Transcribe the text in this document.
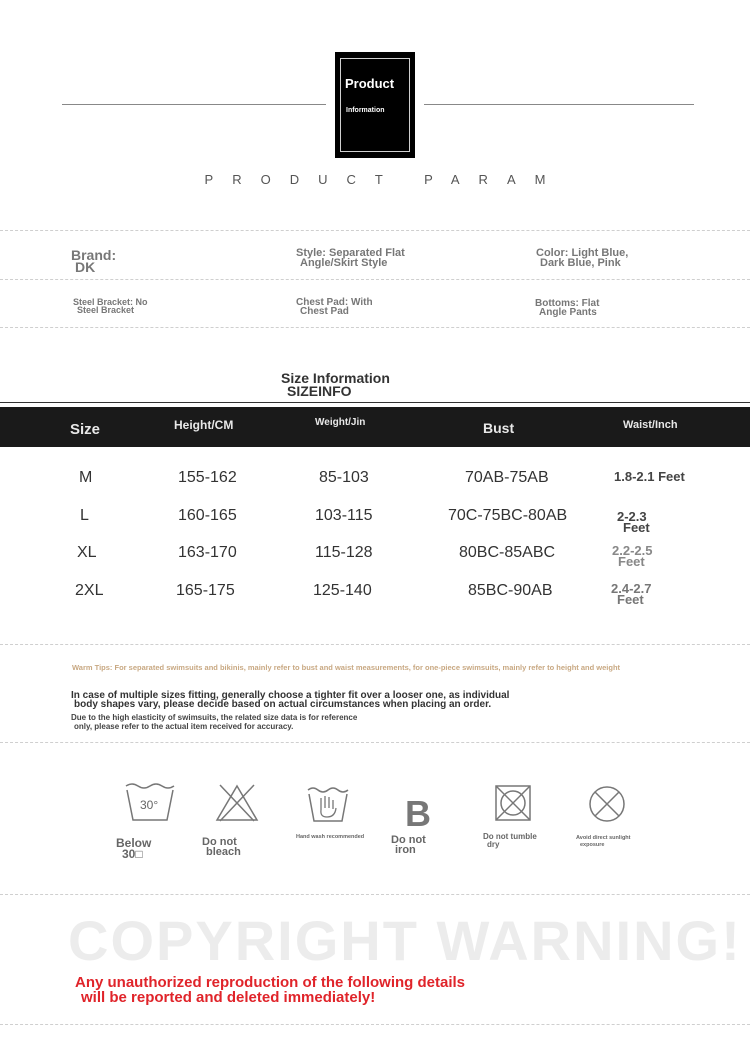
Product
Information
PRODUCT PARAM
Brand:
DK
Style: Separated Flat
Angle/Skirt Style
Color: Light Blue,
Dark Blue, Pink
Steel Bracket: No
Steel Bracket
Chest Pad: With
Chest Pad
Bottoms: Flat
Angle Pants
Size Information
SIZEINFO
Size	Height/CM	Weight/Jin	Bust	Waist/Inch
M	155-162	85-103	70AB-75AB	1.8-2.1 Feet
L	160-165	103-115	70C-75BC-80AB	2-2.3
Feet
XL	163-170	115-128	80BC-85ABC	2.2-2.5
Feet
2XL	165-175	125-140	85BC-90AB	2.4-2.7
Feet
Warm Tips: For separated swimsuits and bikinis, mainly refer to bust and waist measurements, for one-piece swimsuits, mainly refer to height and weight
In case of multiple sizes fitting, generally choose a tighter fit over a looser one, as individual
body shapes vary, please decide based on actual circumstances when placing an order.
Due to the high elasticity of swimsuits, the related size data is for reference
only, please refer to the actual item received for accuracy.
30°
Below
30□
Do not
bleach
Hand wash recommended
B
Do not
iron
Do not tumble
dry
Avoid direct sunlight
exposure
COPYRIGHT WARNING!
Any unauthorized reproduction of the following details
will be reported and deleted immediately!
